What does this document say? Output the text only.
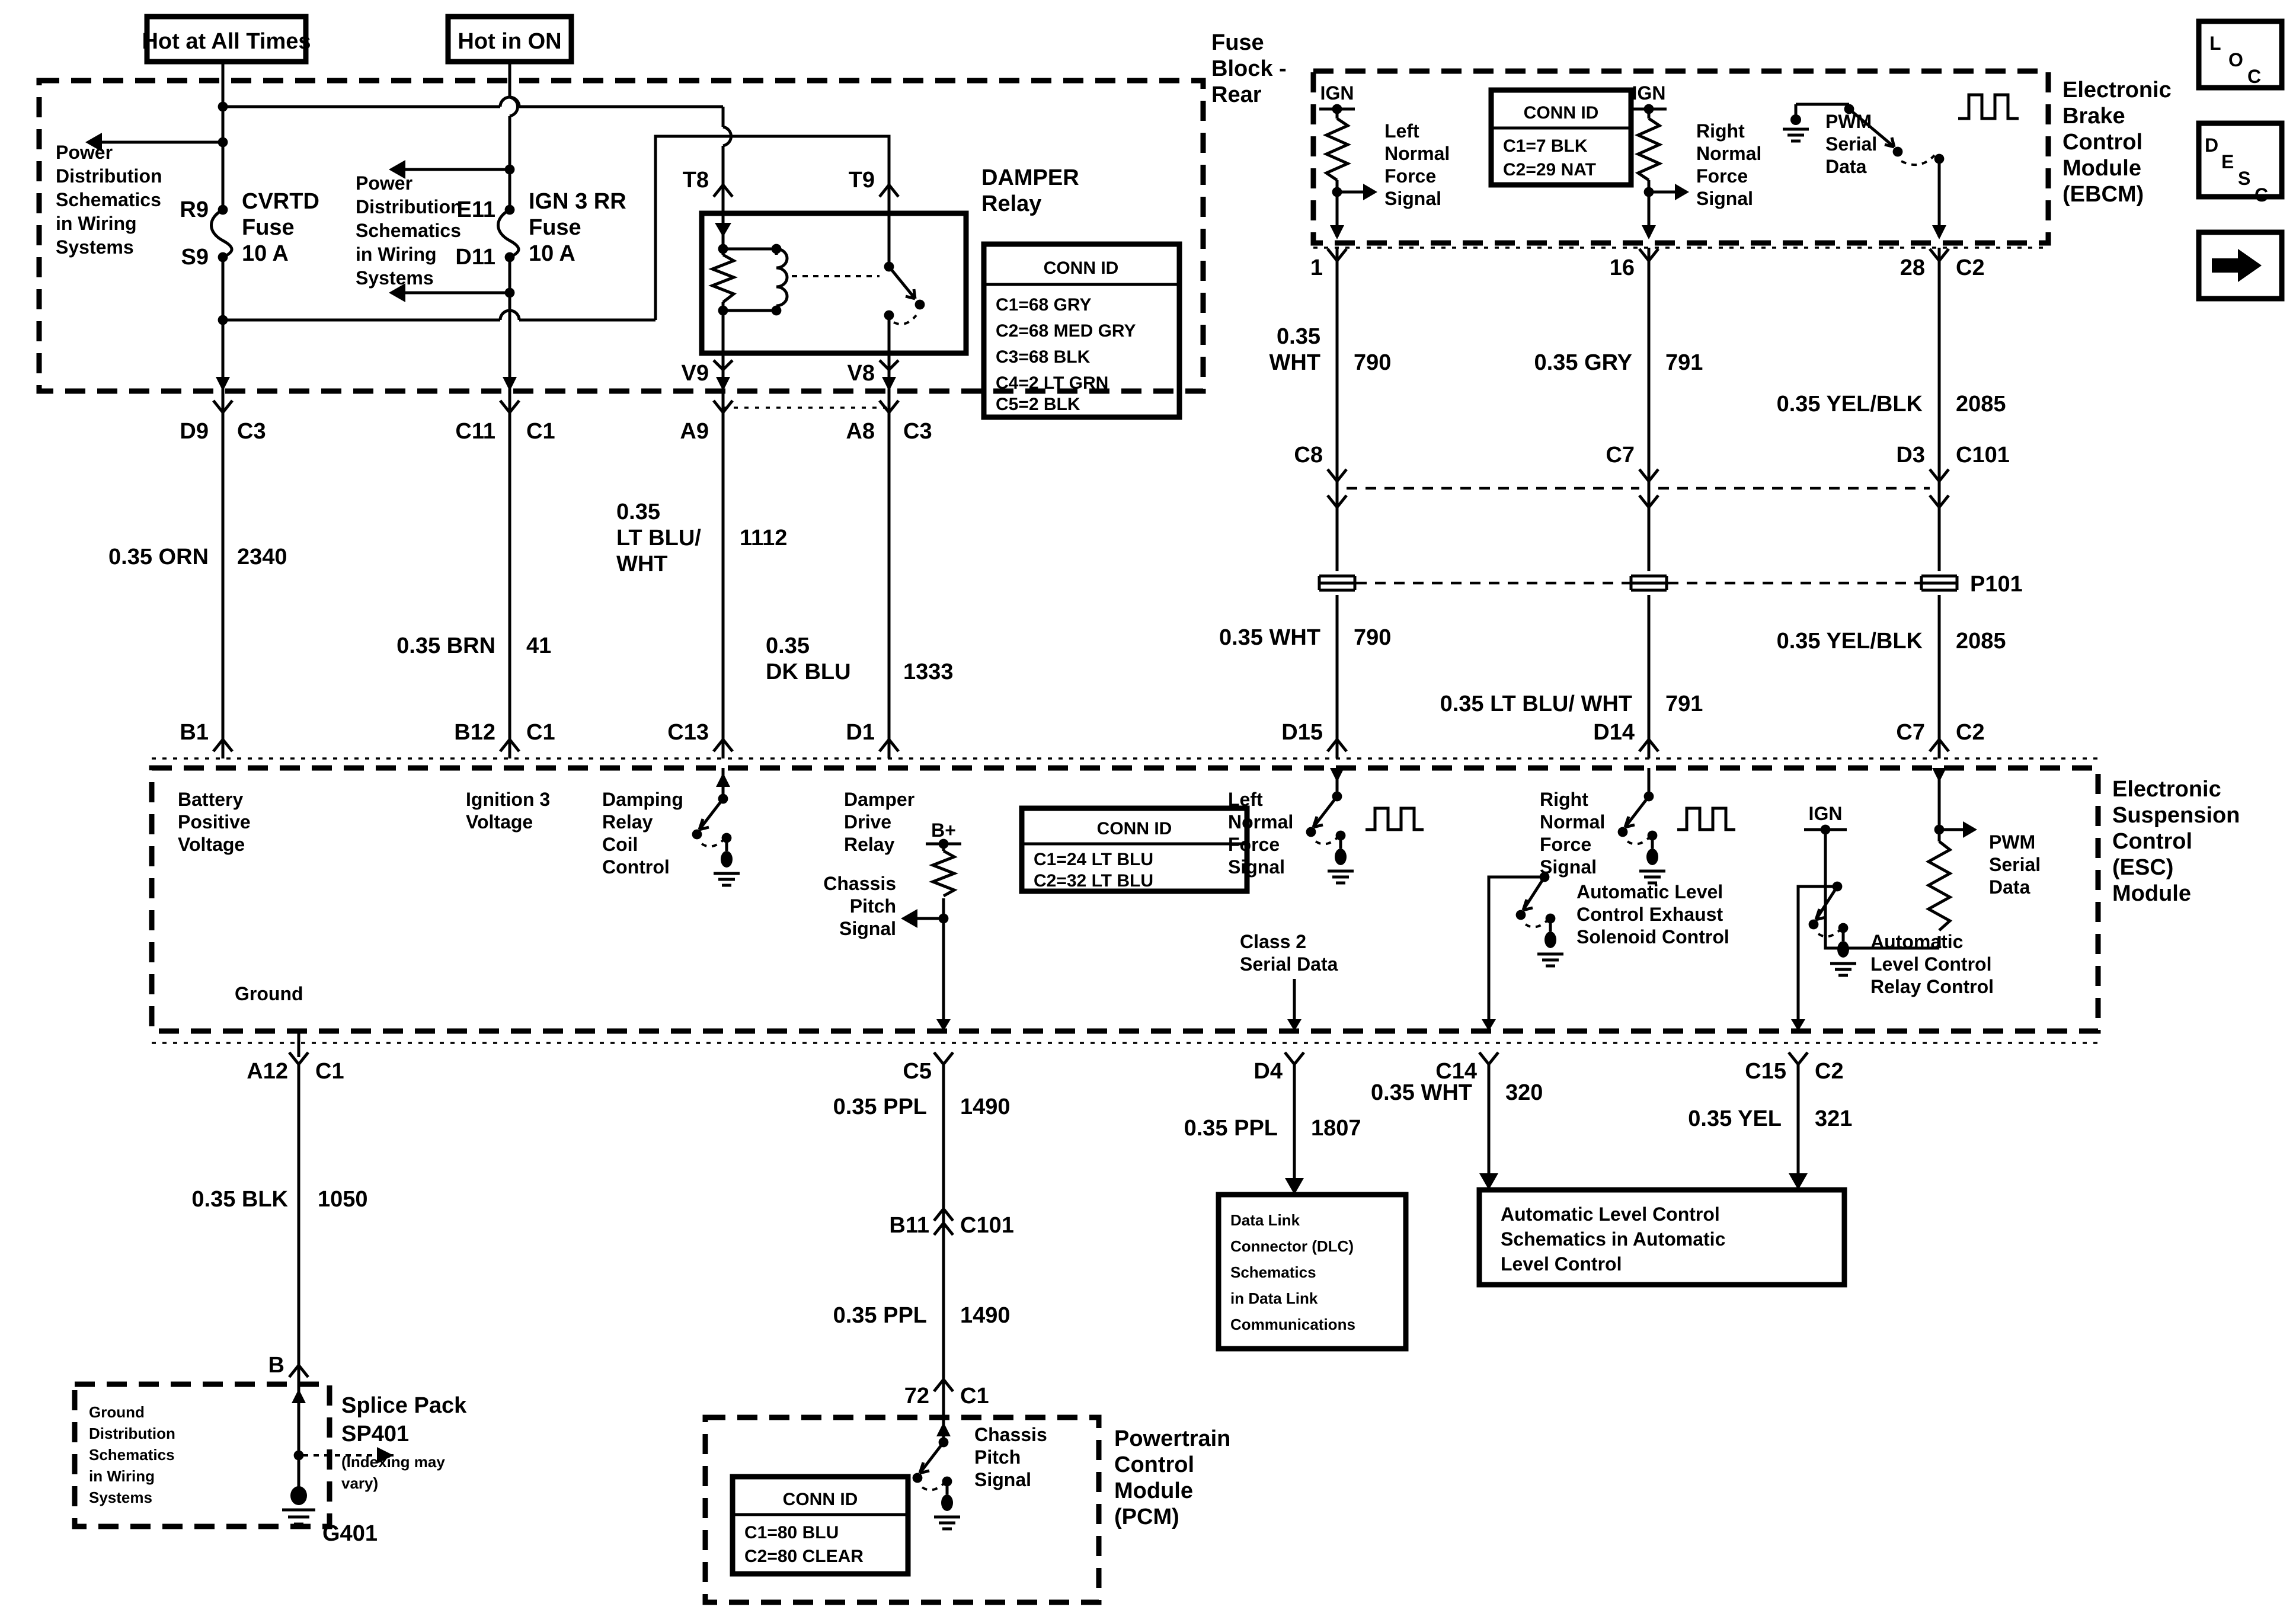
Hot at All Times	Hot in ON	Fuse
Block -
Rear
Power
Distribution
Schematics
in Wiring
Systems
Power
Distribution
Schematics
in Wiring
Systems
R9
S9
CVRTD
Fuse
10 A
E11
D11
IGN 3 RR
Fuse
10 A
T8	T9	DAMPER
Relay
V9	V8
CONN ID
C1=68 GRY
C2=68 MED GRY
C3=68 BLK
C4=2 LT GRN
C5=2 BLK
D9	C3	C11	C1	A9	A8	C3
0.35 ORN	2340
0.35 BRN	41
0.35
LT BLU/
WHT
1112
0.35
DK BLU	1333
Electronic
Brake
Control
Module
(EBCM)
IGN	IGN
Left
Normal
Force
Signal
Right
Normal
Force
Signal
CONN ID
C1=7 BLK
C2=29 NAT
PWM
Serial
Data
1	16	28	C2
L
O
C
D
E
S
C
0.35
WHT	790	0.35 GRY	791
0.35 YEL/BLK	2085
C8	C7	D3	C101
P101
0.35 WHT	790
0.35 LT BLU/ WHT	791
0.35 YEL/BLK	2085
B1	B12	C1	C13	D1	D15	D14	C7	C2
Battery
Positive
Voltage
Ignition 3
Voltage
Damping
Relay
Coil
Control
Damper
Drive
Relay
Chassis
Pitch
Signal
B+	CONN ID
C1=24 LT BLU
C2=32 LT BLU
Left
Normal
Force
Signal
Class 2
Serial Data
Right
Normal
Force
Signal
Automatic Level
Control Exhaust
Solenoid Control
IGN
PWM
Serial
Data
Automatic
Level Control
Relay Control
Ground
Electronic
Suspension
Control
(ESC)
Module
A12 C1	C5	D4	C14	C15	C2
0.35 BLK	1050
0.35 PPL	1490
0.35 PPL	1490
0.35 PPL	1807
0.35 WHT	320
0.35 YEL	321
B
Ground
Distribution
Schematics
in Wiring
Systems
Splice Pack
SP401
(Indexing may
vary)
G401
B11	C101
72	C1
CONN ID
C1=80 BLU
C2=80 CLEAR
Chassis
Pitch
Signal
Powertrain
Control
Module
(PCM)
Data Link
Connector (DLC)
Schematics
in Data Link
Communications
Automatic Level Control
Schematics in Automatic
Level Control
